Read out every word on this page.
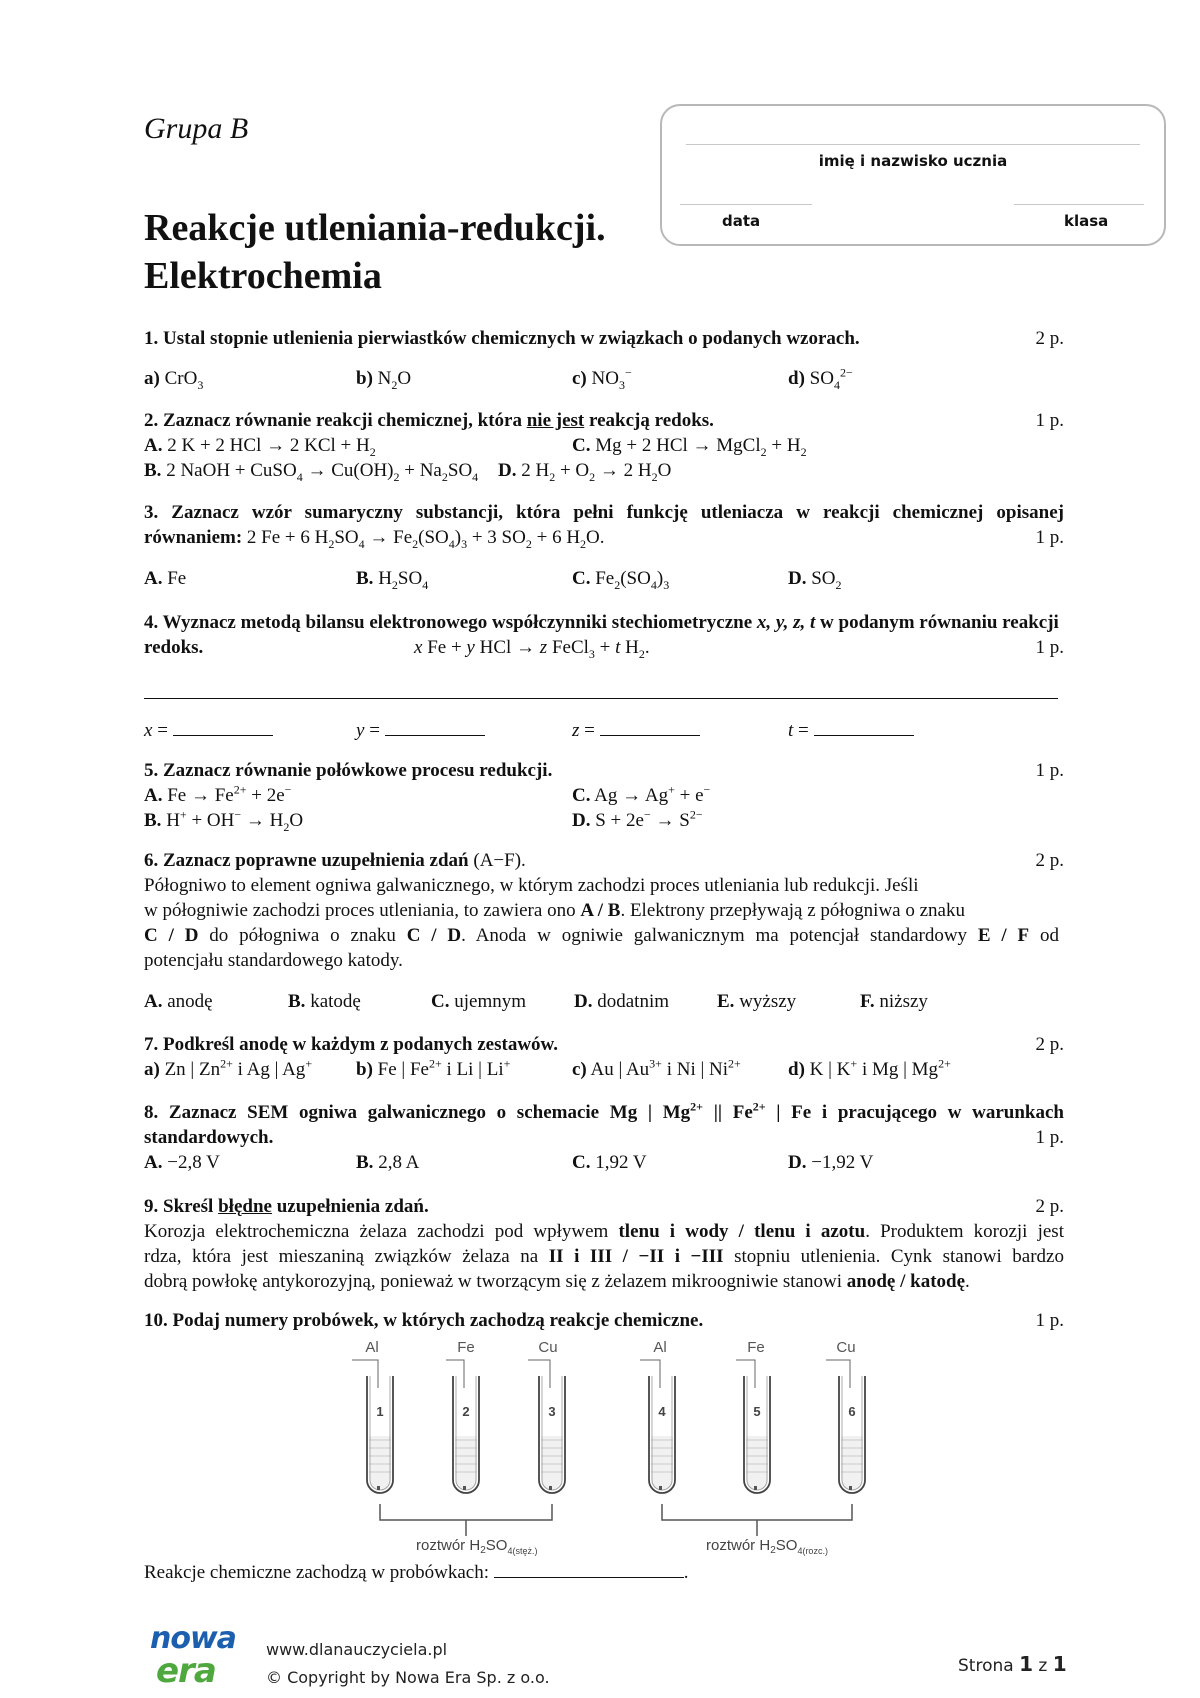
Grupa B
imię i nazwisko ucznia
data	klasa
Reakcje utleniania-redukcji.
Elektrochemia
1. Ustal stopnie utlenienia pierwiastków chemicznych w związkach o podanych wzorach.	2 p.
a) CrO$_3$	b) $N_2O$	c) $NO_3^-$	d) $SO_4^{2-}$
2. Zaznacz równanie reakcji chemicznej, która nie jest reakcją redoks.	1 p.
A. 2 K + 2 HCl → 2 KCl + $H_2$	C. Mg + 2 HCl → MgCl$_2$ + $H_2$
B. 2 NaOH + CuSO$_4$ → $Cu(OH)_2 + Na_2SO_4$ D. 2 $H_2 + O_2 \to 2$ $H_2O$
3. Zaznacz wzór sumaryczny substancji, która pełni funkcję utleniacza w reakcji chemicznej opisanej równaniem: 2 Fe + 6 $H_2SO_4 \to Fe_2(SO_4)_3 + 3$ $SO_2 + 6$ $H_2O$.	1 p.
A. Fe	B. $H_2SO_4$	C. $Fe_2(SO_4)_3$	D. $SO_2$
4. Wyznacz metodą bilansu elektronowego współczynniki stechiometryczne x, y, z, t w podanym równaniu reakcji redoks.	x Fe + y HCl → z FeCl$_3$ + t $H_2$.	1 p.
x =	y =	z =	t =
5. Zaznacz równanie połówkowe procesu redukcji.	1 p.
A. $Fe \to Fe^{2+} + 2e^-$	C. Ag → Ag+ + e−
B. $H^+ + OH^- \to H_2O$	D. $S + 2e^- \to S^{2-}$
6. Zaznacz poprawne uzupełnienia zdań (A−F).	2 p.
Półogniwo to element ogniwa galwanicznego, w którym zachodzi proces utleniania lub redukcji. Jeśli
w półogniwie zachodzi proces utleniania, to zawiera ono A / B. Elektrony przepływają z półogniwa o znaku
C / D do półogniwa o znaku C / D. Anoda w ogniwie galwanicznym ma potencjał standardowy E / F od
potencjału standardowego katody.
A. anodę	B. katodę	C. ujemnym	D. dodatnim	E. wyższy	F. niższy
7. Podkreśl anodę w każdym z podanych zestawów.	2 p.
a) Zn | $Zn^{2+}$ i Ag | Ag+ b) Fe | $Fe^{2+}$ i Li | Li+	c) Au | $Au^{3+}$ i Ni | $Ni^{2+}$ d) K | K+ i Mg | $Mg^{2+}$
8. Zaznacz SEM ogniwa galwanicznego o schemacie Mg | $Mg^{2+}$ || $Fe^{2+}$ | Fe i pracującego w warunkach
standardowych.	1 p.
A. −2,8 V	B. 2,8 A	C. 1,92 V	D. −1,92 V
9. Skreśl błędne uzupełnienia zdań.	2 p.
Korozja elektrochemiczna żelaza zachodzi pod wpływem tlenu i wody / tlenu i azotu. Produktem korozji jest
rdza, która jest mieszaniną związków żelaza na II i III / −II i −III stopniu utlenienia. Cynk stanowi bardzo
dobrą powłokę antykorozyjną, ponieważ w tworzącym się z żelazem mikroogniwie stanowi anodę / katodę.
10. Podaj numery probówek, w których zachodzą reakcje chemiczne.	1 p.
Al
1
Fe
2
Cu
3
Al
4
Fe
5
Cu
6
roztwór $H_2SO_{4(stęż.)}$	roztwór $H_2SO_{4(rozc.)}$
Reakcje chemiczne zachodzą w probówkach:	.
nowa
era
www.dlanauczyciela.pl
© Copyright by Nowa Era Sp. z o.o.
Strona 1 z 1
